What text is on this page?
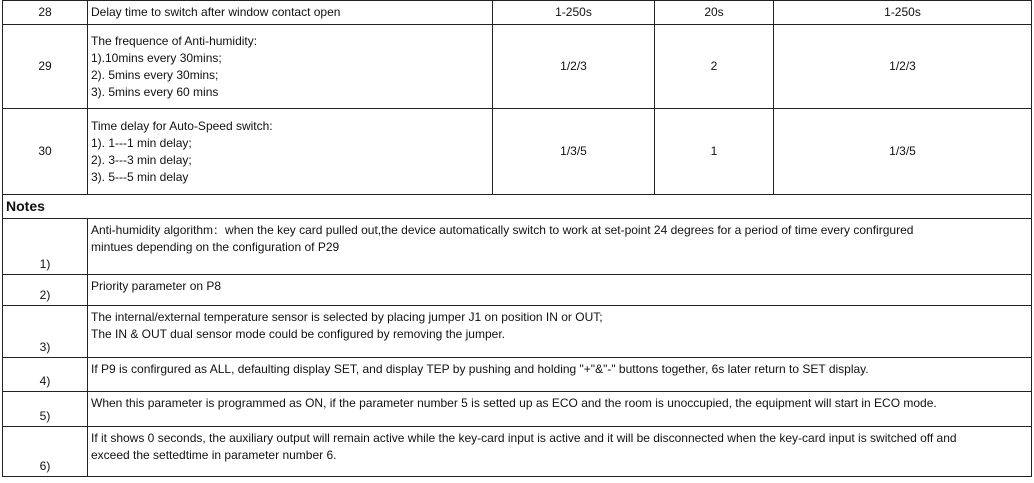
28	Delay time to switch after window contact open	1-250s	20s	1-250s
29	The frequence of Anti-humidity:
1).10mins every 30mins;
2). 5mins every 30mins;
3). 5mins every 60 mins	1/2/3	2	1/2/3
30	Time delay for Auto-Speed switch:
1). 1---1 min delay;
2). 3---3 min delay;
3). 5---5 min delay	1/3/5	1	1/3/5
Notes				
1)	Anti-humidity algorithm：when the key card pulled out,the device automatically switch to work at set-point 24 degrees for a period of time every confirgured
mintues depending on the configuration of P29			

2)	Priority parameter on P8			

3)	The internal/external temperature sensor is selected by placing jumper J1 on position IN or OUT;
The IN & OUT dual sensor mode could be configured by removing the jumper.			

4)	If P9 is confirgured as ALL, defaulting display SET, and display TEP by pushing and holding "+"&"-" buttons together, 6s later return to SET display.			

5)	When this parameter is programmed as ON, if the parameter number 5 is setted up as ECO and the room is unoccupied, the equipment will start in ECO mode.			

6)	If it shows 0 seconds, the auxiliary output will remain active while the key-card input is active and it will be disconnected when the key-card input is switched off and
exceed the settedtime in parameter number 6.			
